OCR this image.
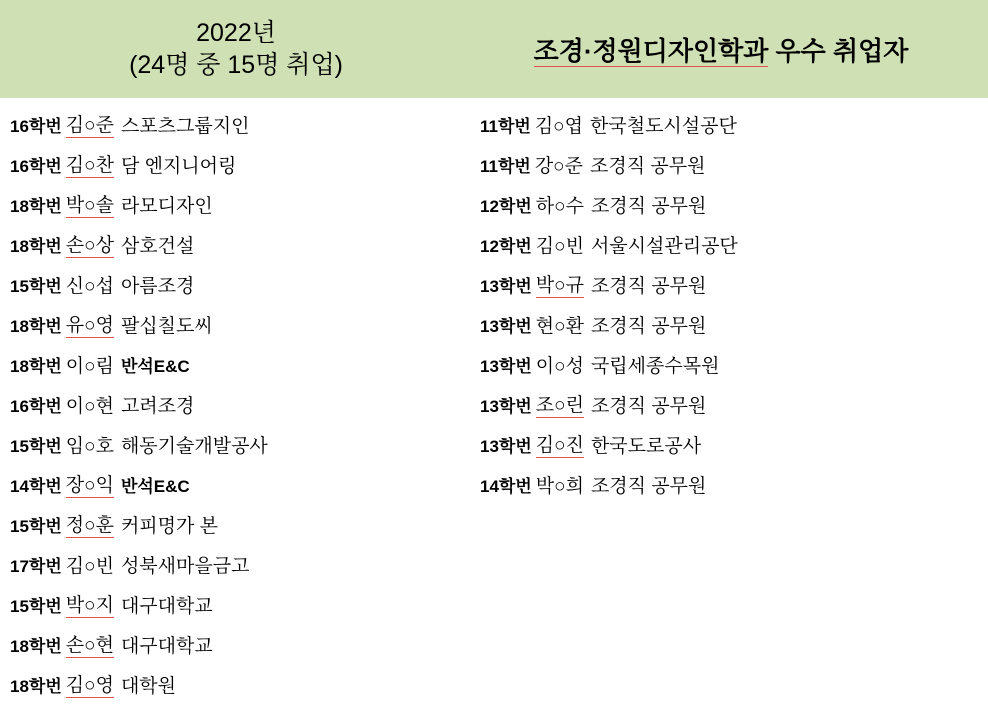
2022년
(24명 중 15명 취업)	조경·정원디자인학과 우수 취업자
16학번 김○준 스포츠그룹지인
16학번 김○찬 담 엔지니어링
18학번 박○솔 라모디자인
18학번 손○상 삼호건설
15학번 신○섭 아름조경
18학번 유○영 팔십칠도씨
18학번 이○림 반석E&C
16학번 이○현 고려조경
15학번 임○호 해동기술개발공사
14학번 장○익 반석E&C
15학번 정○훈 커피명가 본
17학번 김○빈 성북새마을금고
15학번 박○지 대구대학교
18학번 손○현 대구대학교
18학번 김○영 대학원
11학번 김○엽 한국철도시설공단
11학번 강○준 조경직 공무원
12학번 하○수 조경직 공무원
12학번 김○빈 서울시설관리공단
13학번 박○규 조경직 공무원
13학번 현○환 조경직 공무원
13학번 이○성 국립세종수목원
13학번 조○린 조경직 공무원
13학번 김○진 한국도로공사
14학번 박○희 조경직 공무원
